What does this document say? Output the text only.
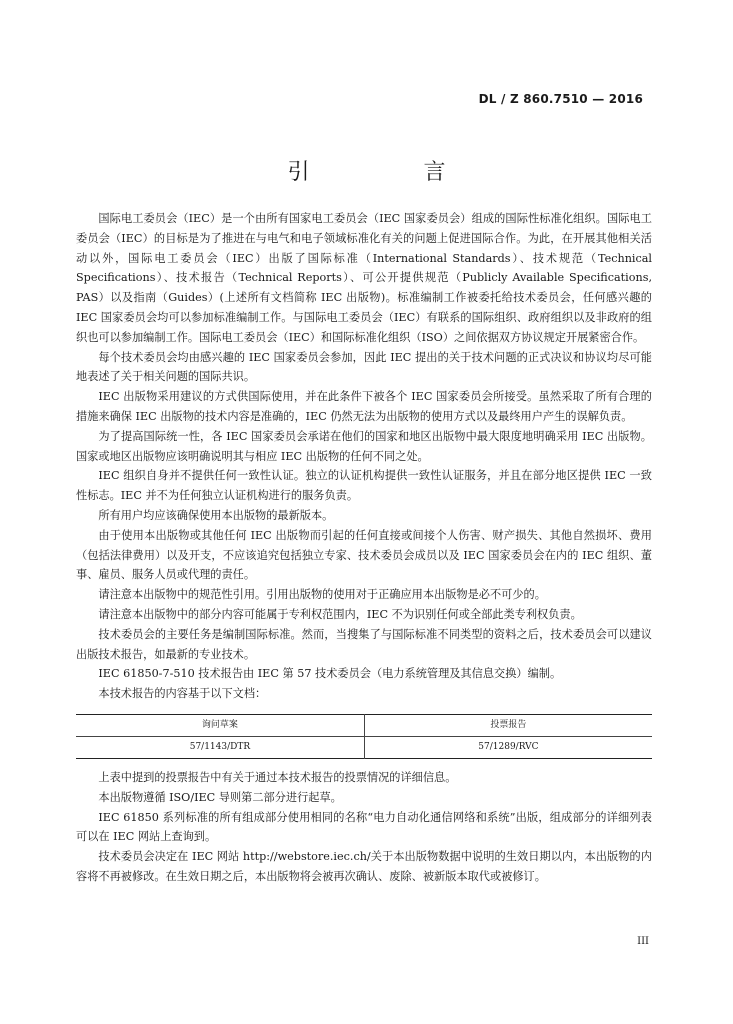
DL / Z 860.7510 — 2016
引　言

国际电工委员会（IEC）是一个由所有国家电工委员会（IEC 国家委员会）组成的国际性标准化组织。国际电工委员会（IEC）的目标是为了推进在与电气和电子领域标准化有关的问题上促进国际合作。为此，在开展其他相关活动以外，国际电工委员会（IEC）出版了国际标准（International Standards）、技术规范（Technical Specifications）、技术报告（Technical Reports）、可公开提供规范（Publicly Available Specifications, PAS）以及指南（Guides）(上述所有文档简称 IEC 出版物)。标准编制工作被委托给技术委员会，任何感兴趣的 IEC 国家委员会均可以参加标准编制工作。与国际电工委员会（IEC）有联系的国际组织、政府组织以及非政府的组织也可以参加编制工作。国际电工委员会（IEC）和国际标准化组织（ISO）之间依据双方协议规定开展紧密合作。

每个技术委员会均由感兴趣的 IEC 国家委员会参加，因此 IEC 提出的关于技术问题的正式决议和协议均尽可能地表述了关于相关问题的国际共识。

IEC 出版物采用建议的方式供国际使用，并在此条件下被各个 IEC 国家委员会所接受。虽然采取了所有合理的措施来确保 IEC 出版物的技术内容是准确的，IEC 仍然无法为出版物的使用方式以及最终用户产生的误解负责。

为了提高国际统一性，各 IEC 国家委员会承诺在他们的国家和地区出版物中最大限度地明确采用 IEC 出版物。国家或地区出版物应该明确说明其与相应 IEC 出版物的任何不同之处。

IEC 组织自身并不提供任何一致性认证。独立的认证机构提供一致性认证服务，并且在部分地区提供 IEC 一致性标志。IEC 并不为任何独立认证机构进行的服务负责。

所有用户均应该确保使用本出版物的最新版本。

由于使用本出版物或其他任何 IEC 出版物而引起的任何直接或间接个人伤害、财产损失、其他自然损坏、费用（包括法律费用）以及开支，不应该追究包括独立专家、技术委员会成员以及 IEC 国家委员会在内的 IEC 组织、董事、雇员、服务人员或代理的责任。

请注意本出版物中的规范性引用。引用出版物的使用对于正确应用本出版物是必不可少的。

请注意本出版物中的部分内容可能属于专利权范围内，IEC 不为识别任何或全部此类专利权负责。

技术委员会的主要任务是编制国际标准。然而，当搜集了与国际标准不同类型的资料之后，技术委员会可以建议出版技术报告，如最新的专业技术。

IEC 61850-7-510 技术报告由 IEC 第 57 技术委员会（电力系统管理及其信息交换）编制。

本技术报告的内容基于以下文档：

询问草案	投票报告
57/1143/DTR	57/1289/RVC

上表中提到的投票报告中有关于通过本技术报告的投票情况的详细信息。

本出版物遵循 ISO/IEC 导则第二部分进行起草。

IEC 61850 系列标准的所有组成部分使用相同的名称“电力自动化通信网络和系统”出版，组成部分的详细列表可以在 IEC 网站上查询到。

技术委员会决定在 IEC 网站 http://webstore.iec.ch/关于本出版物数据中说明的生效日期以内，本出版物的内容将不再被修改。在生效日期之后，本出版物将会被再次确认、废除、被新版本取代或被修订。

III
